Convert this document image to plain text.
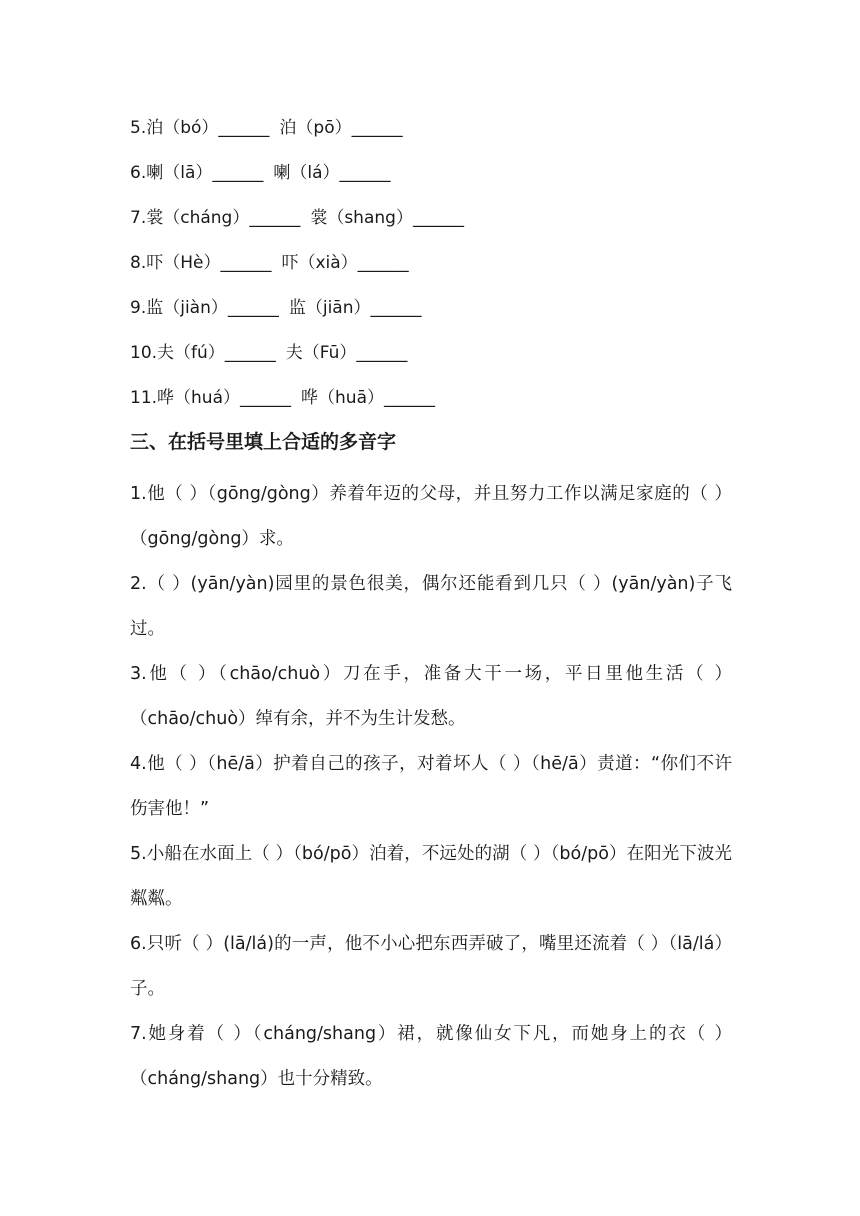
5.泊（bó）______ 泊（pō）______
6.喇（lā）______ 喇（lá）______
7.裳（cháng）______ 裳（shang）______
8.吓（Hè）______ 吓（xià）______
9.监（jiàn）______ 监（jiān）______
10.夫（fú）______ 夫（Fū）______
11.哗（huá）______ 哗（huā）______
三、在括号里填上合适的多音字

1.他（ ）（gōng/gòng）养着年迈的父母，并且努力工作以满足家庭的（ ）（gōng/gòng）求。

2.（ ）(yān/yàn)园里的景色很美，偶尔还能看到几只（ ）(yān/yàn)子飞过。

3.他（ ）（chāo/chuò）刀在手，准备大干一场，平日里他生活（ ）（chāo/chuò）绰有余，并不为生计发愁。

4.他（ ）（hē/ā）护着自己的孩子，对着坏人（ ）（hē/ā）责道：“你们不许伤害他！”

5.小船在水面上（ ）（bó/pō）泊着，不远处的湖（ ）（bó/pō）在阳光下波光粼粼。

6.只听（ ）(lā/lá)的一声，他不小心把东西弄破了，嘴里还流着（ ）（lā/lá）子。

7.她身着（ ）（cháng/shang）裙，就像仙女下凡，而她身上的衣（ ）（cháng/shang）也十分精致。
